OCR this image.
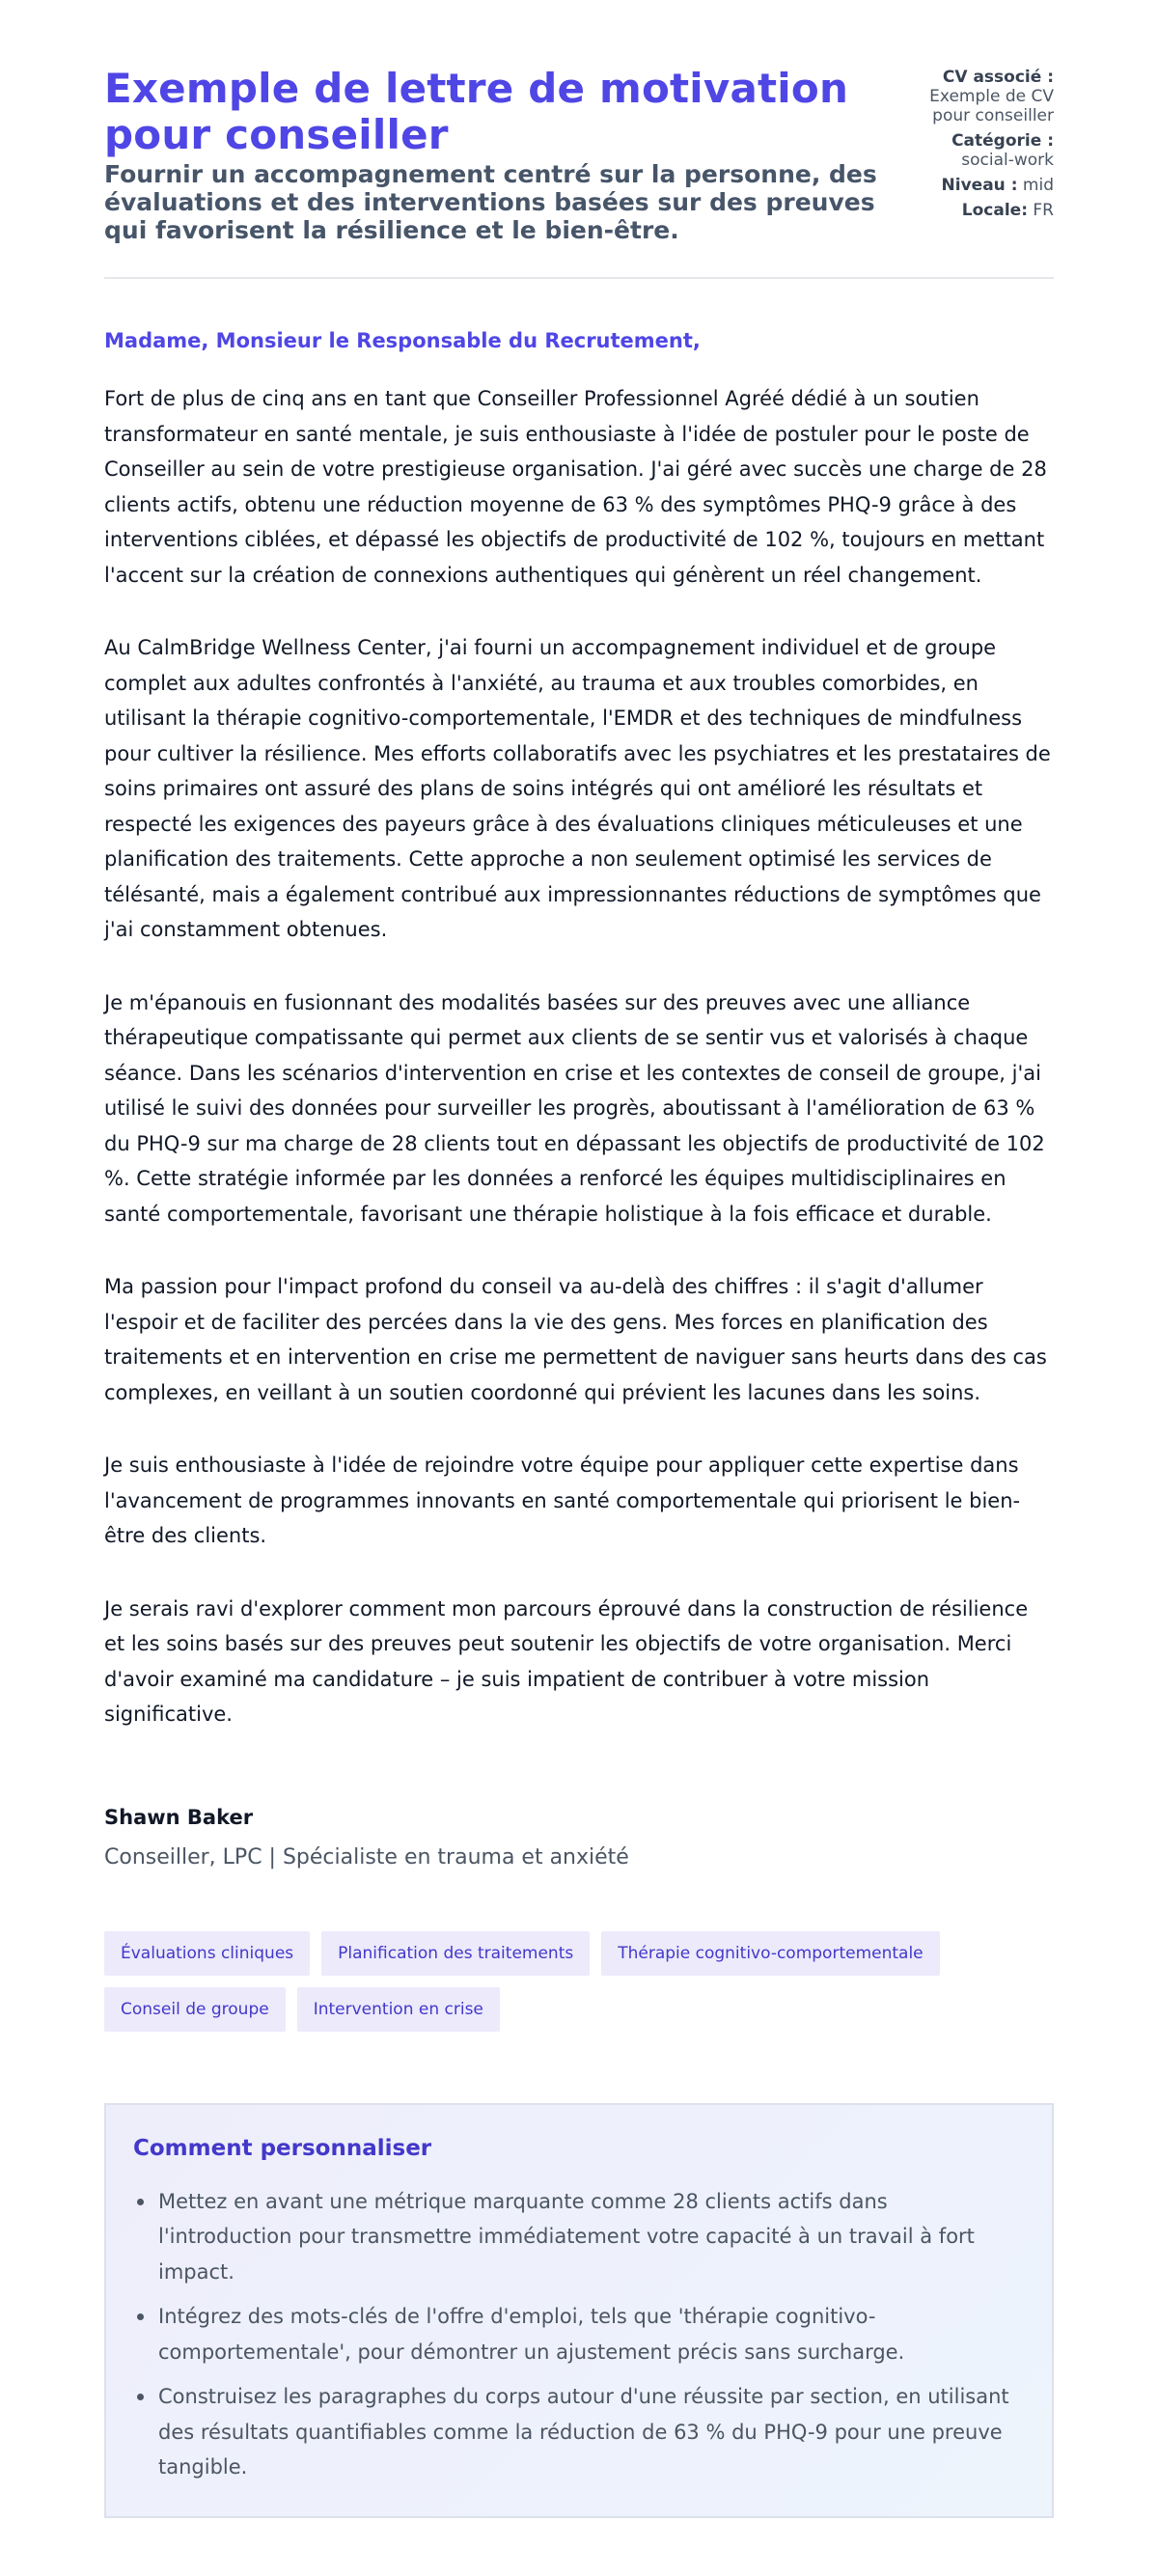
Exemple de lettre de motivation pour conseiller
Fournir un accompagnement centré sur la personne, des évaluations et des interventions basées sur des preuves qui favorisent la résilience et le bien-être.
CV associé :
Exemple de CV pour conseiller
Catégorie :
social-work
Niveau : mid
Locale: FR

Madame, Monsieur le Responsable du Recrutement,

Fort de plus de cinq ans en tant que Conseiller Professionnel Agréé dédié à un soutien transformateur en santé mentale, je suis enthousiaste à l'idée de postuler pour le poste de Conseiller au sein de votre prestigieuse organisation. J'ai géré avec succès une charge de 28 clients actifs, obtenu une réduction moyenne de 63 % des symptômes PHQ-9 grâce à des interventions ciblées, et dépassé les objectifs de productivité de 102 %, toujours en mettant l'accent sur la création de connexions authentiques qui génèrent un réel changement.

Au CalmBridge Wellness Center, j'ai fourni un accompagnement individuel et de groupe complet aux adultes confrontés à l'anxiété, au trauma et aux troubles comorbides, en utilisant la thérapie cognitivo-comportementale, l'EMDR et des techniques de mindfulness pour cultiver la résilience. Mes efforts collaboratifs avec les psychiatres et les prestataires de soins primaires ont assuré des plans de soins intégrés qui ont amélioré les résultats et respecté les exigences des payeurs grâce à des évaluations cliniques méticuleuses et une planification des traitements. Cette approche a non seulement optimisé les services de télésanté, mais a également contribué aux impressionnantes réductions de symptômes que j'ai constamment obtenues.

Je m'épanouis en fusionnant des modalités basées sur des preuves avec une alliance thérapeutique compatissante qui permet aux clients de se sentir vus et valorisés à chaque séance. Dans les scénarios d'intervention en crise et les contextes de conseil de groupe, j'ai utilisé le suivi des données pour surveiller les progrès, aboutissant à l'amélioration de 63 % du PHQ-9 sur ma charge de 28 clients tout en dépassant les objectifs de productivité de 102 %. Cette stratégie informée par les données a renforcé les équipes multidisciplinaires en santé comportementale, favorisant une thérapie holistique à la fois efficace et durable.

Ma passion pour l'impact profond du conseil va au-delà des chiffres : il s'agit d'allumer l'espoir et de faciliter des percées dans la vie des gens. Mes forces en planification des traitements et en intervention en crise me permettent de naviguer sans heurts dans des cas complexes, en veillant à un soutien coordonné qui prévient les lacunes dans les soins.

Je suis enthousiaste à l'idée de rejoindre votre équipe pour appliquer cette expertise dans l'avancement de programmes innovants en santé comportementale qui priorisent le bien-être des clients.

Je serais ravi d'explorer comment mon parcours éprouvé dans la construction de résilience et les soins basés sur des preuves peut soutenir les objectifs de votre organisation. Merci d'avoir examiné ma candidature – je suis impatient de contribuer à votre mission significative.

Shawn Baker

Conseiller, LPC | Spécialiste en trauma et anxiété

Évaluations cliniques	Planification des traitements	Thérapie cognitivo-comportementale
Conseil de groupe	Intervention en crise
Comment personnaliser
Mettez en avant une métrique marquante comme 28 clients actifs dans l'introduction pour transmettre immédiatement votre capacité à un travail à fort impact.
Intégrez des mots-clés de l'offre d'emploi, tels que 'thérapie cognitivo-comportementale', pour démontrer un ajustement précis sans surcharge.
Construisez les paragraphes du corps autour d'une réussite par section, en utilisant des résultats quantifiables comme la réduction de 63 % du PHQ-9 pour une preuve tangible.
